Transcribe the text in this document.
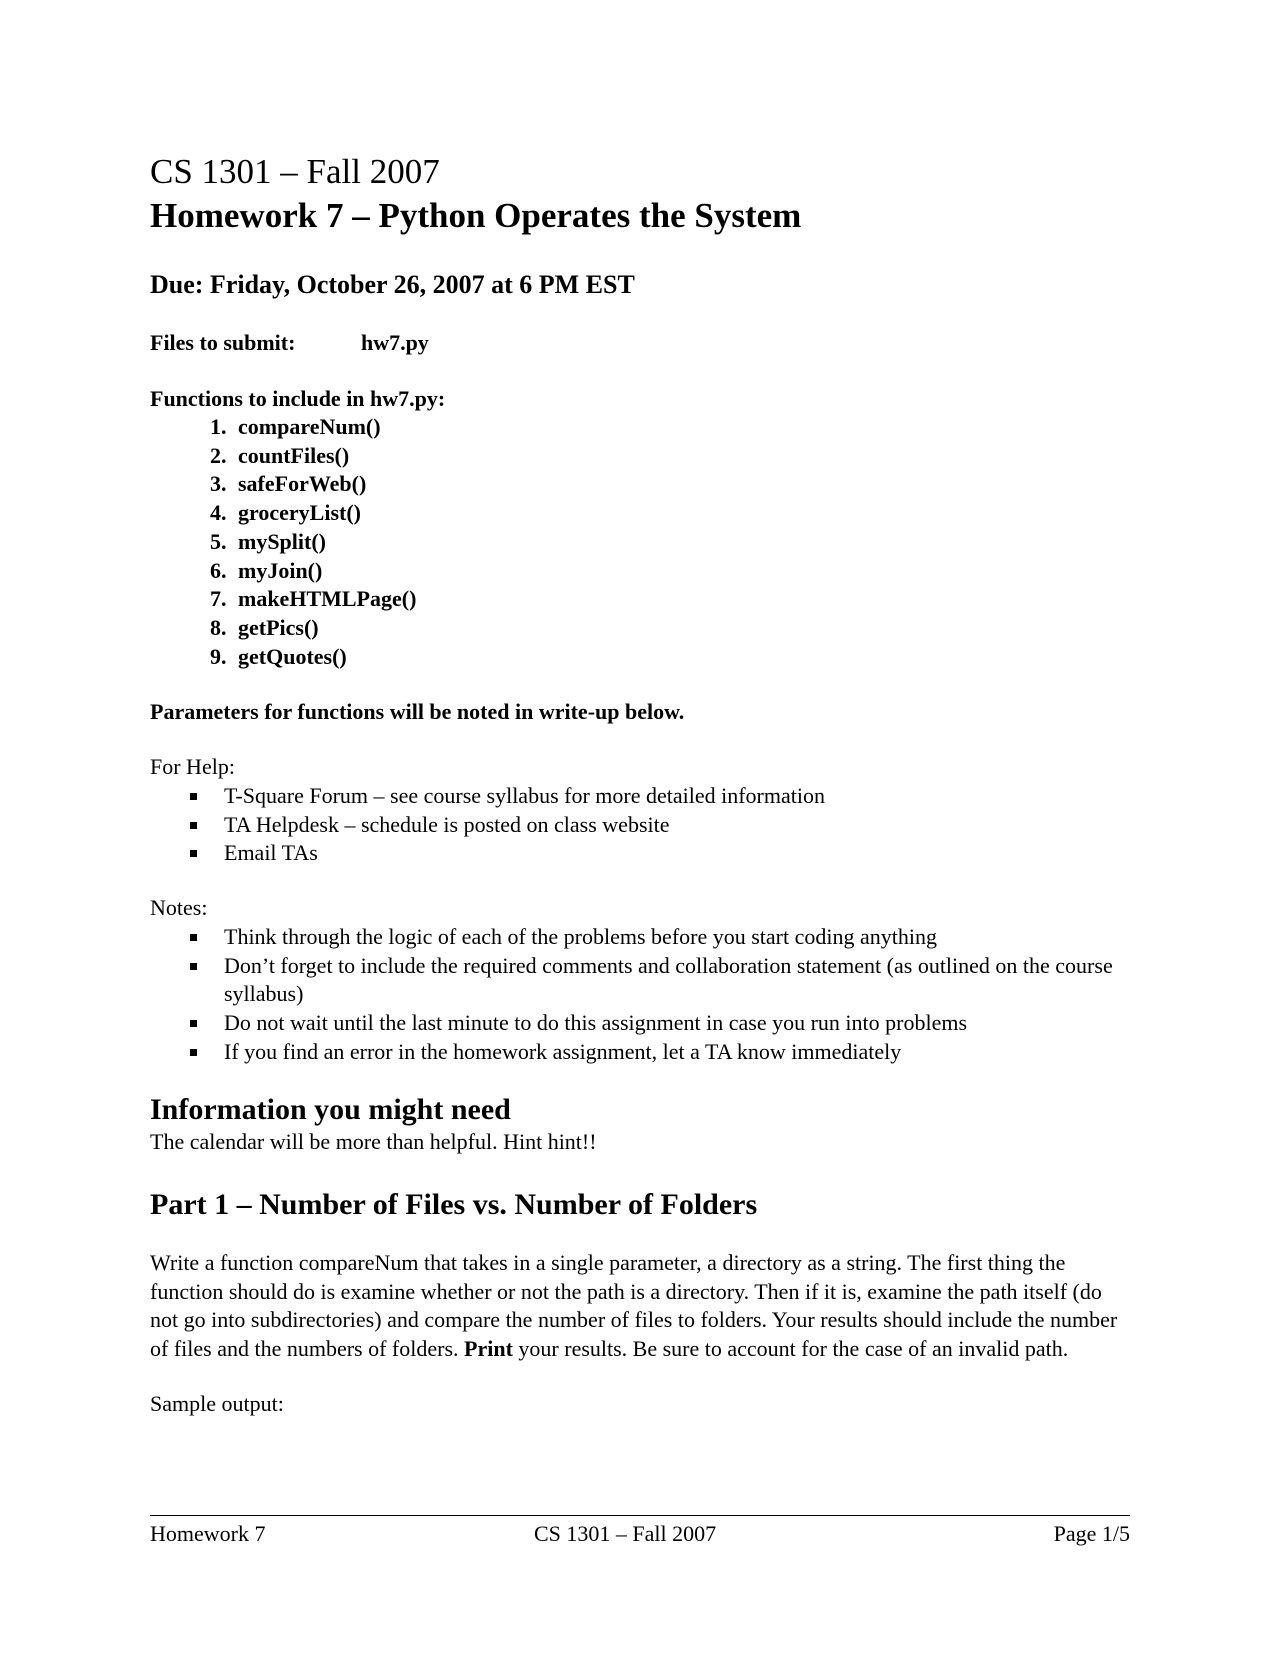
CS 1301 – Fall 2007
Homework 7 – Python Operates the System

Due: Friday, October 26, 2007 at 6 PM EST

Files to submit:	hw7.py

Functions to include in hw7.py:

1. compareNum()
2. countFiles()
3. safeForWeb()
4. groceryList()
5. mySplit()
6. myJoin()
7. makeHTMLPage()
8. getPics()
9. getQuotes()

Parameters for functions will be noted in write-up below.

For Help:

T-Square Forum – see course syllabus for more detailed information
TA Helpdesk – schedule is posted on class website
Email TAs

Notes:

Think through the logic of each of the problems before you start coding anything
Don’t forget to include the required comments and collaboration statement (as outlined on the course syllabus)
Do not wait until the last minute to do this assignment in case you run into problems
If you find an error in the homework assignment, let a TA know immediately
Information you might need

The calendar will be more than helpful. Hint hint!!

Part 1 – Number of Files vs. Number of Folders

Write a function compareNum that takes in a single parameter, a directory as a string. The first thing the function should do is examine whether or not the path is a directory. Then if it is, examine the path itself (do not go into subdirectories) and compare the number of files to folders. Your results should include the number of files and the numbers of folders. Print your results. Be sure to account for the case of an invalid path.

Sample output:

Homework 7	CS 1301 – Fall 2007	Page 1/5
